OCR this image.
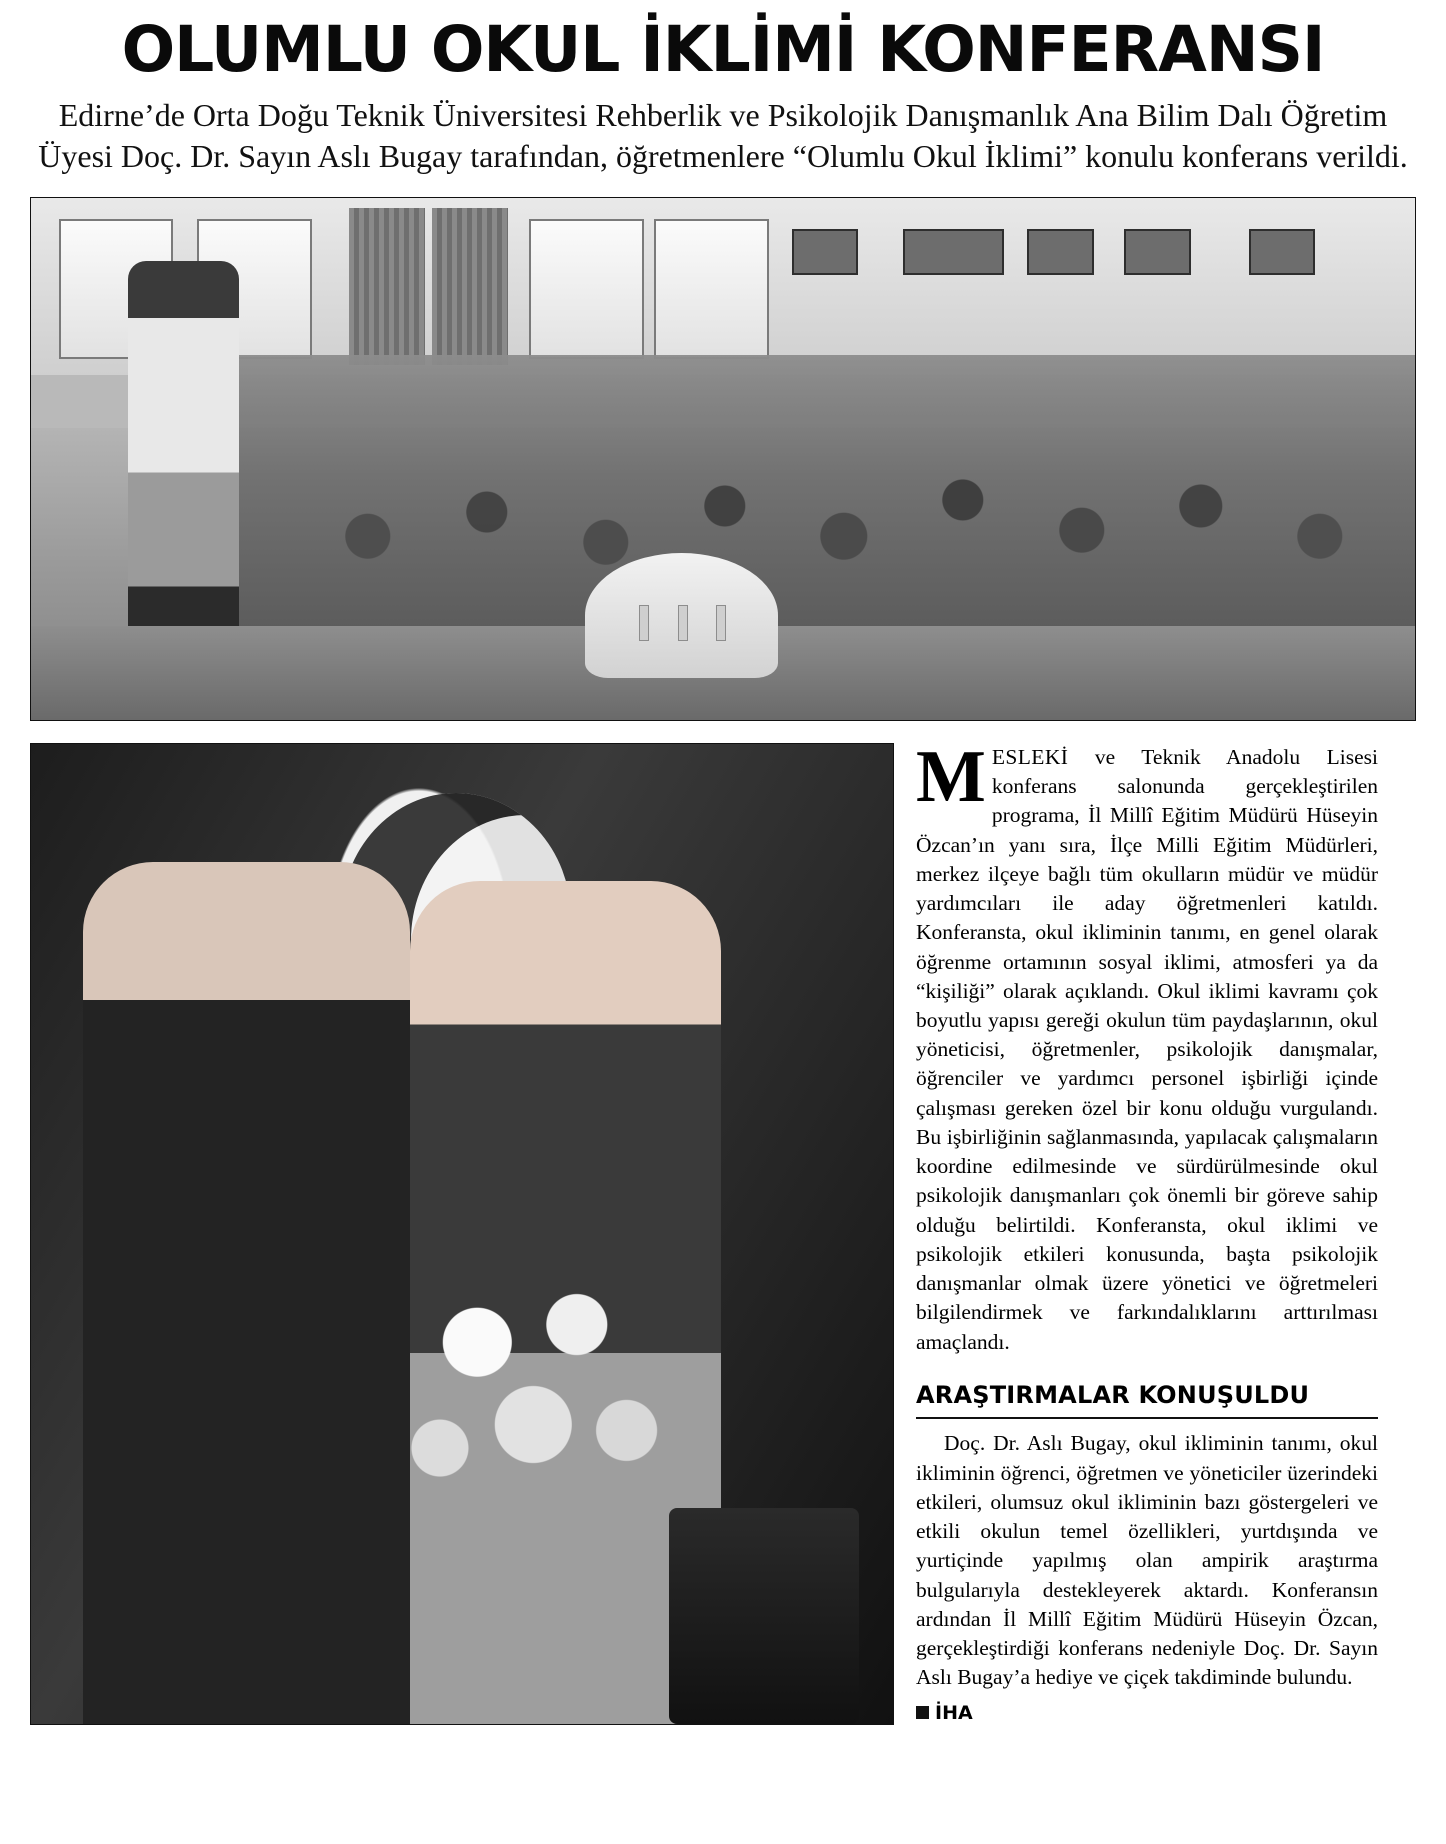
OLUMLU OKUL İKLİMİ KONFERANSI
Edirne’de Orta Doğu Teknik Üniversitesi Rehberlik ve Psikolojik Danışmanlık Ana Bilim Dalı Öğretim Üyesi Doç. Dr. Sayın Aslı Bugay tarafından, öğretmenlere “Olumlu Okul İklimi” konulu konferans verildi.

MESLEKİ ve Teknik Anadolu Lisesi konferans salonunda gerçekleştirilen programa, İl Millî Eğitim Müdürü Hüseyin Özcan’ın yanı sıra, İlçe Milli Eğitim Müdürleri, merkez ilçeye bağlı tüm okulların müdür ve müdür yardımcıları ile aday öğretmenleri katıldı. Konferansta, okul ikliminin tanımı, en genel olarak öğrenme ortamının sosyal iklimi, atmosferi ya da “kişiliği” olarak açıklandı. Okul iklimi kavramı çok boyutlu yapısı gereği okulun tüm paydaşlarının, okul yöneticisi, öğretmenler, psikolojik danışmalar, öğrenciler ve yardımcı personel işbirliği içinde çalışması gereken özel bir konu olduğu vurgulandı. Bu işbirliğinin sağlanmasında, yapılacak çalışmaların koordine edilmesinde ve sürdürülmesinde okul psikolojik danışmanları çok önemli bir göreve sahip olduğu belirtildi. Konferansta, okul iklimi ve psikolojik etkileri konusunda, başta psikolojik danışmanlar olmak üzere yönetici ve öğretmeleri bilgilendirmek ve farkındalıklarını arttırılması amaçlandı.

ARAŞTIRMALAR KONUŞULDU

Doç. Dr. Aslı Bugay, okul ikliminin tanımı, okul ikliminin öğrenci, öğretmen ve yöneticiler üzerindeki etkileri, olumsuz okul ikliminin bazı göstergeleri ve etkili okulun temel özellikleri, yurtdışında ve yurtiçinde yapılmış olan ampirik araştırma bulgularıyla destekleyerek aktardı. Konferansın ardından İl Millî Eğitim Müdürü Hüseyin Özcan, gerçekleştirdiği konferans nedeniyle Doç. Dr. Sayın Aslı Bugay’a hediye ve çiçek takdiminde bulundu.

İHA
